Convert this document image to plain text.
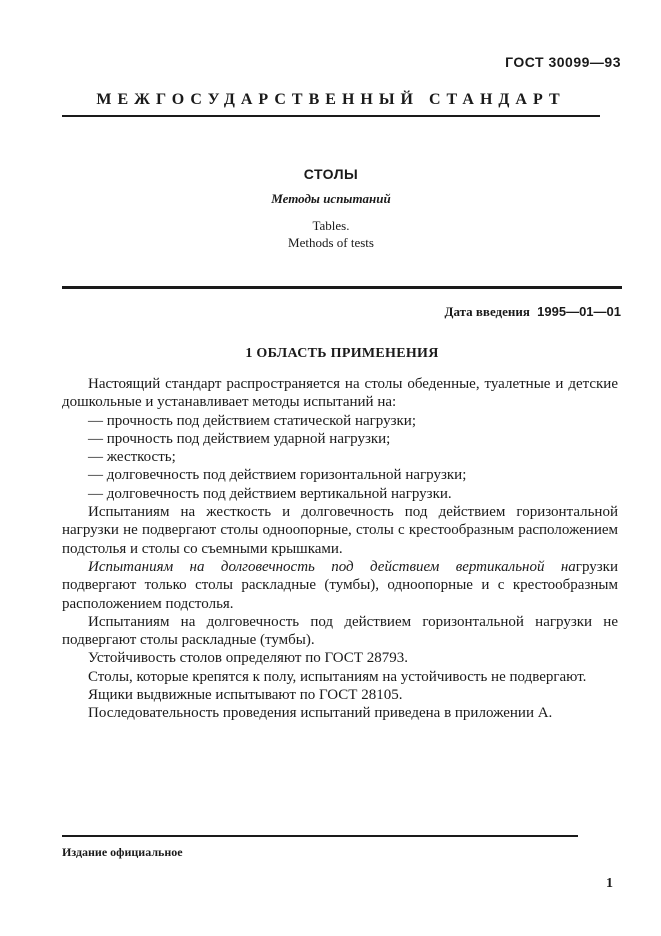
ГОСТ 30099—93
МЕЖГОСУДАРСТВЕННЫЙ СТАНДАРТ
СТОЛЫ
Методы испытаний
Tables.
Methods of tests
Дата введения 1995—01—01
1 ОБЛАСТЬ ПРИМЕНЕНИЯ

Настоящий стандарт распространяется на столы обеденные, туалетные и детские дошкольные и устанавливает методы испытаний на:

— прочность под действием статической нагрузки;
— прочность под действием ударной нагрузки;
— жесткость;
— долговечность под действием горизонтальной нагрузки;
— долговечность под действием вертикальной нагрузки.

Испытаниям на жесткость и долговечность под действием горизонтальной нагрузки не подвергают столы одноопорные, столы с крестообразным расположением подстолья и столы со съемными крышками.

Испытаниям на долговечность под действием вертикальной нагрузки подвергают только столы раскладные (тумбы), одноопорные и с крестообразным расположением подстолья.

Испытаниям на долговечность под действием горизонтальной нагрузки не подвергают столы раскладные (тумбы).

Устойчивость столов определяют по ГОСТ 28793.

Столы, которые крепятся к полу, испытаниям на устойчивость не подвергают.

Ящики выдвижные испытывают по ГОСТ 28105.

Последовательность проведения испытаний приведена в приложении А.

Издание официальное
1
